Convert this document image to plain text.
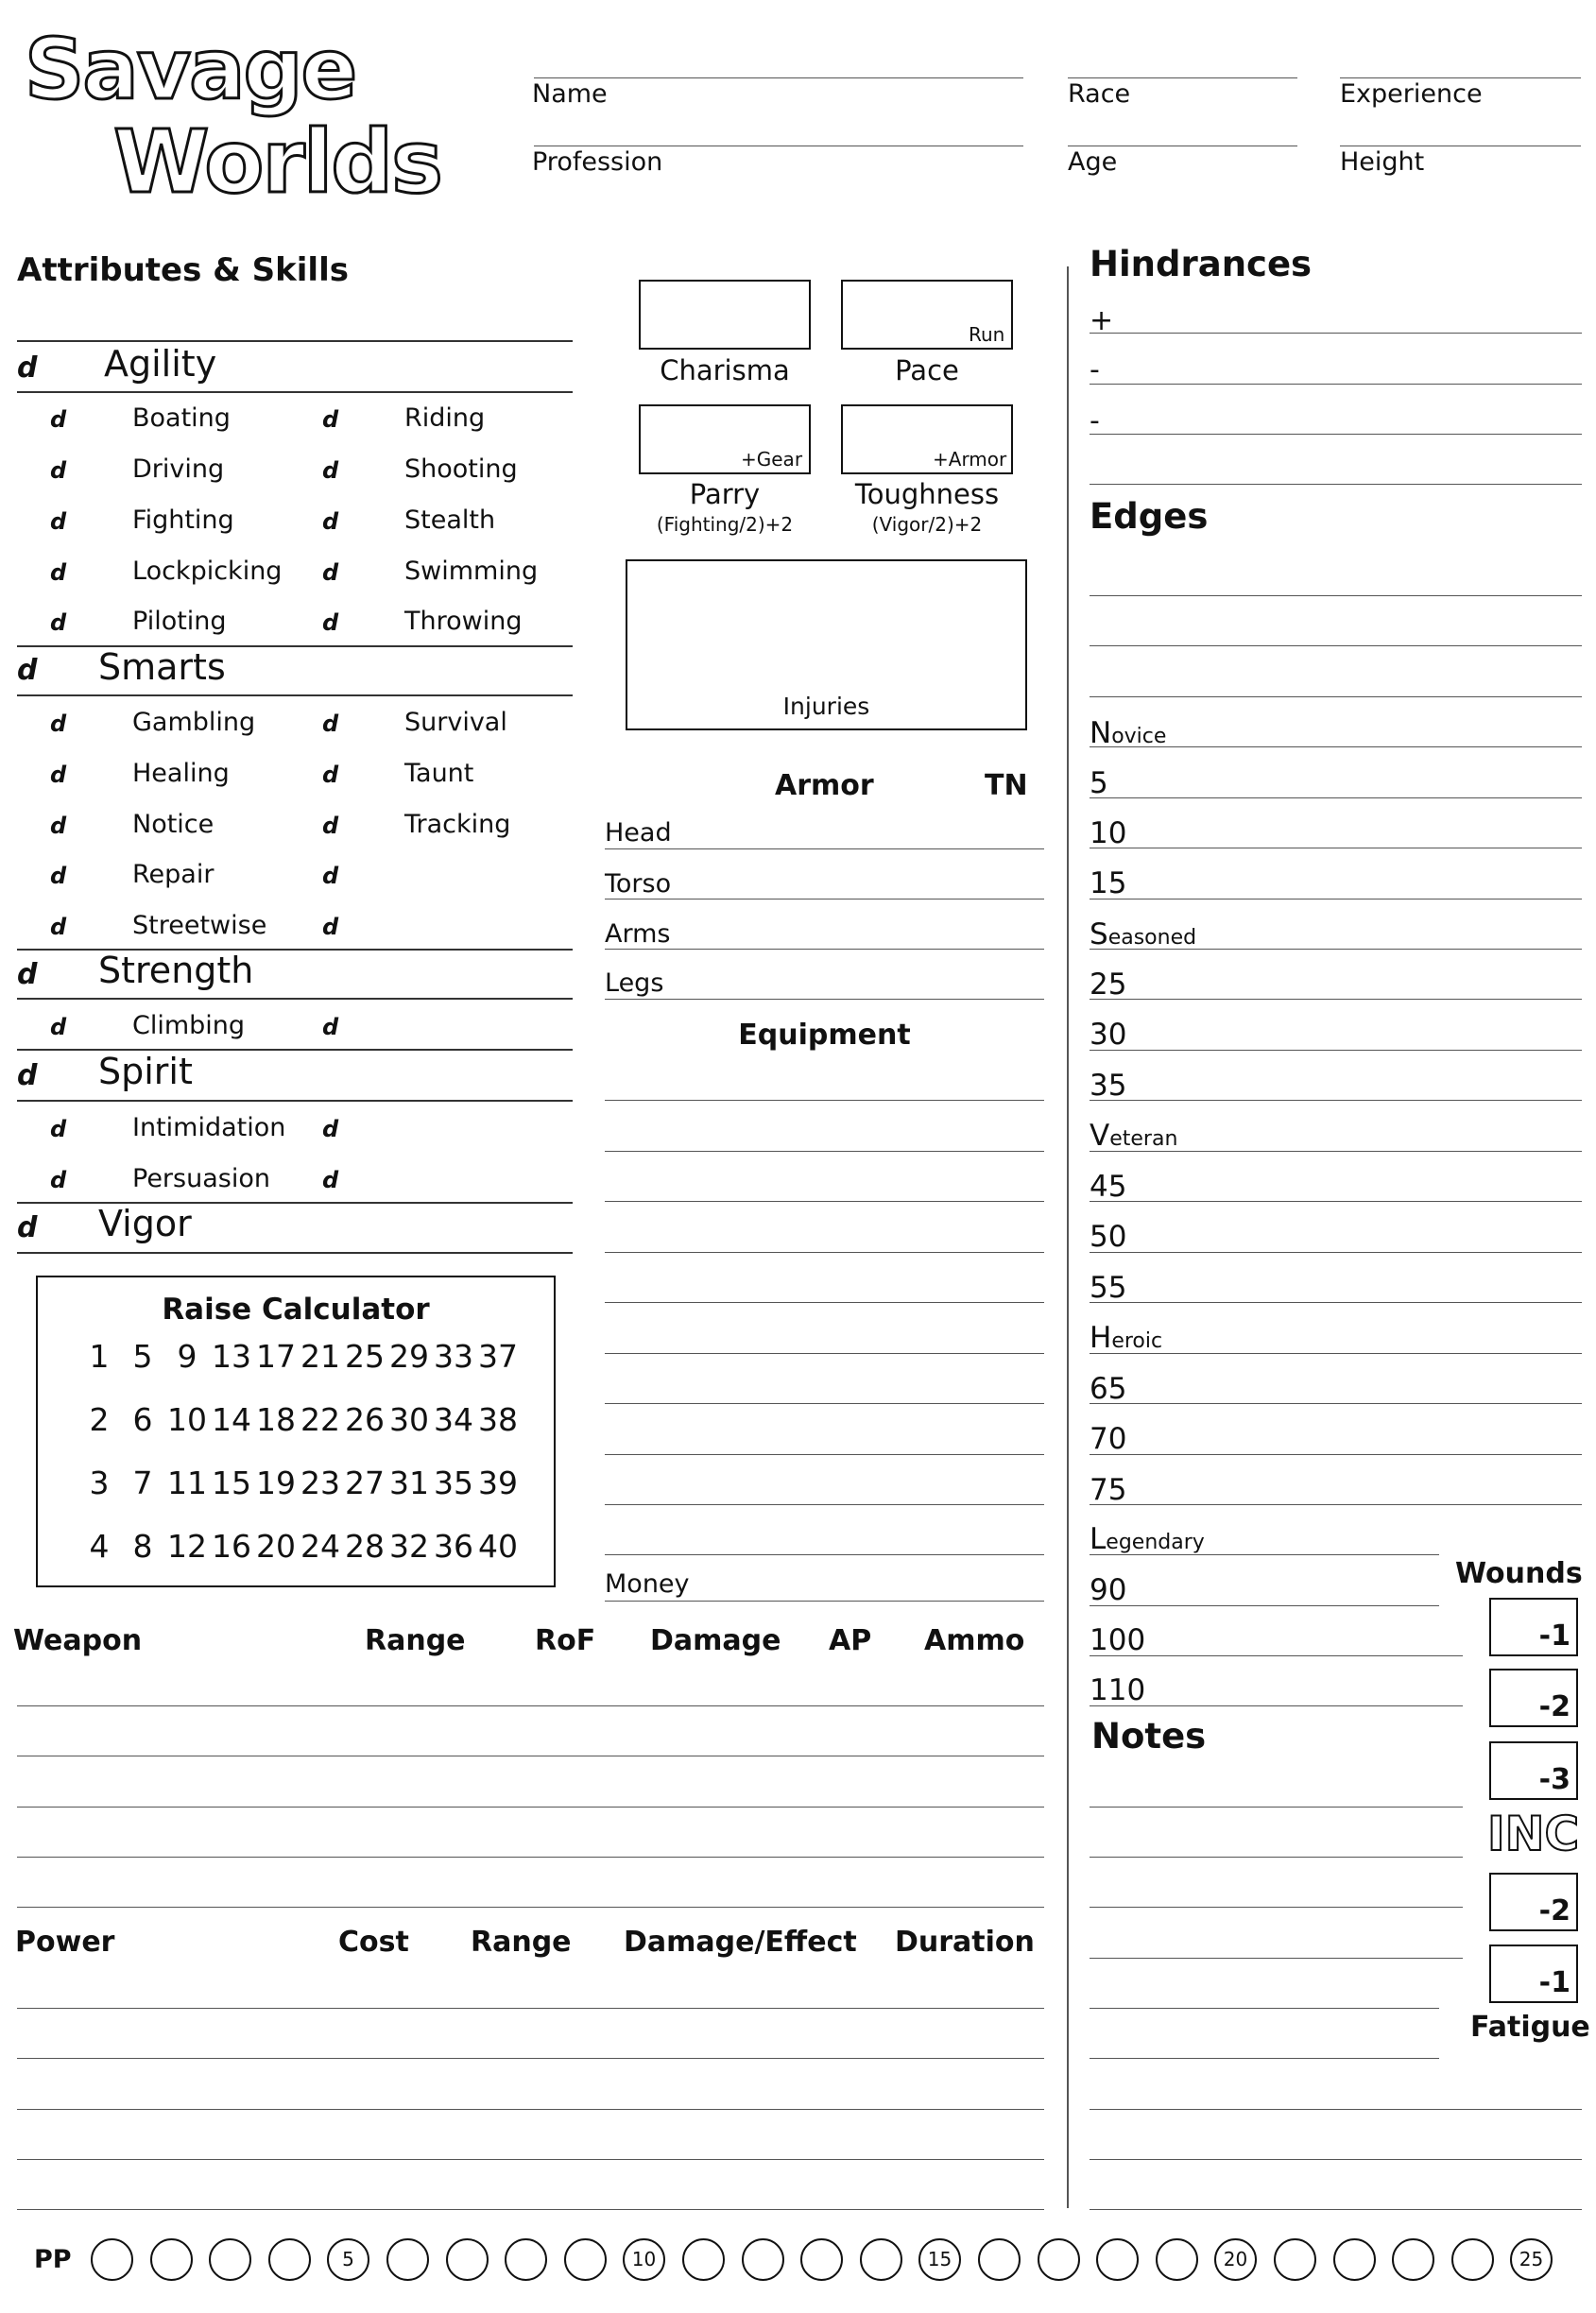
Savage
Worlds
Name	Race	Experience
Profession	Age	Height
Attributes & Skills
d Agility
d	Boating	d	Riding
d	Driving	d	Shooting
d	Fighting	d	Stealth
d	Lockpicking d	Swimming
d	Piloting	d	Throwing
d Smarts
d	Gambling	d	Survival
d	Healing	d	Taunt
d	Notice	d	Tracking
d	Repair	d
d	Streetwise d
d Strength
d	Climbing	d
d Spirit
d	Intimidation d
d	Persuasion d
d Vigor
Raise Calculator
1 5 9 13 17 21 25 29 33 37
2 6 10 14 18 22 26 30 34 38
3 7 11 15 19 23 27 31 35 39
4 8 12 16 20 24 28 32 36 40
Charisma
Run
Pace
+Gear
Parry
(Fighting/2)+2
+Armor
Toughness
(Vigor/2)+2
Injuries
Armor	TN
Head
Torso
Arms
Legs
Equipment
Money
Hindrances
+
-
-
Edges
Novice
5
10
15
Seasoned
25
30
35
Veteran
45
50
55
Heroic
65
70
75
Legendary
90
100
110
Notes
Wounds
-1
-2
-3
INC
-2
-1
Fatigue
Weapon	Range RoF Damage AP Ammo
Power	Cost Range Damage/Effect Duration
PP	5	10	15	20	25
